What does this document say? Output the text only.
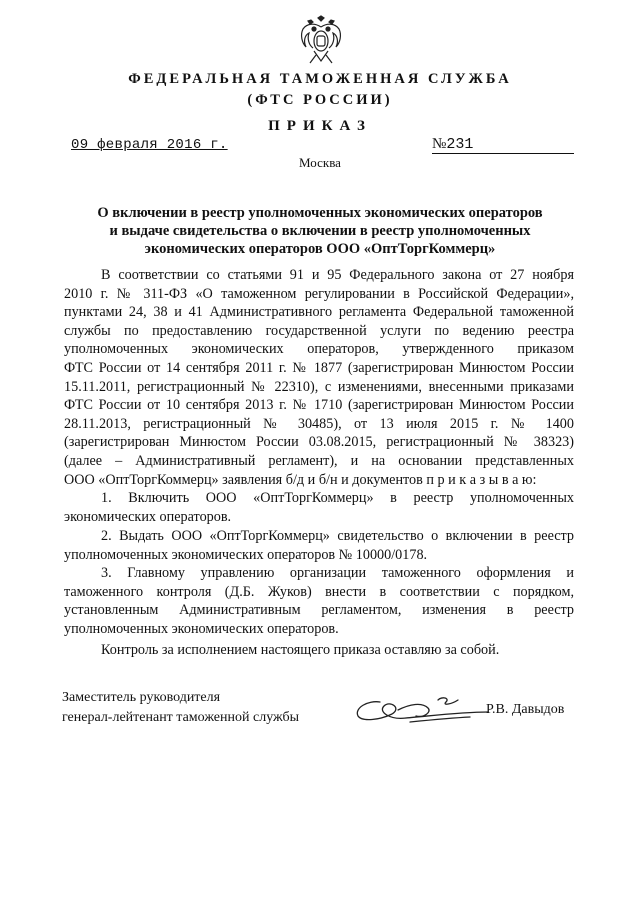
ФЕДЕРАЛЬНАЯ ТАМОЖЕННАЯ СЛУЖБА
(ФТС РОССИИ)
ПРИКАЗ
09 февраля 2016 г.	№231
Москва
О включении в реестр уполномоченных экономических операторов
и выдаче свидетельства о включении в реестр уполномоченных
экономических операторов ООО «ОптТоргКоммерц»
В соответствии со статьями 91 и 95 Федерального закона от 27 ноября
2010 г. № 311-ФЗ «О таможенном регулировании в Российской Федерации»,
пунктами 24, 38 и 41 Административного регламента Федеральной таможенной
службы по предоставлению государственной услуги по ведению реестра
уполномоченных экономических операторов, утвержденного приказом
ФТС России от 14 сентября 2011 г. № 1877 (зарегистрирован Минюстом России
15.11.2011, регистрационный № 22310), с изменениями, внесенными приказами
ФТС России от 10 сентября 2013 г. № 1710 (зарегистрирован Минюстом России
28.11.2013, регистрационный № 30485), от 13 июля 2015 г. № 1400
(зарегистрирован Минюстом России 03.08.2015, регистрационный № 38323)
(далее – Административный регламент), и на основании представленных
ООО «ОптТоргКоммерц» заявления б/д и б/н и документов п р и к а з ы в а ю:
1. Включить ООО «ОптТоргКоммерц» в реестр уполномоченных
экономических операторов.
2. Выдать ООО «ОптТоргКоммерц» свидетельство о включении в реестр
уполномоченных экономических операторов № 10000/0178.
3. Главному управлению организации таможенного оформления и
таможенного контроля (Д.Б. Жуков) внести в соответствии с порядком,
установленным Административным регламентом, изменения в реестр
уполномоченных экономических операторов.
Контроль за исполнением настоящего приказа оставляю за собой.
Заместитель руководителя
генерал-лейтенант таможенной службы
Р.В. Давыдов
